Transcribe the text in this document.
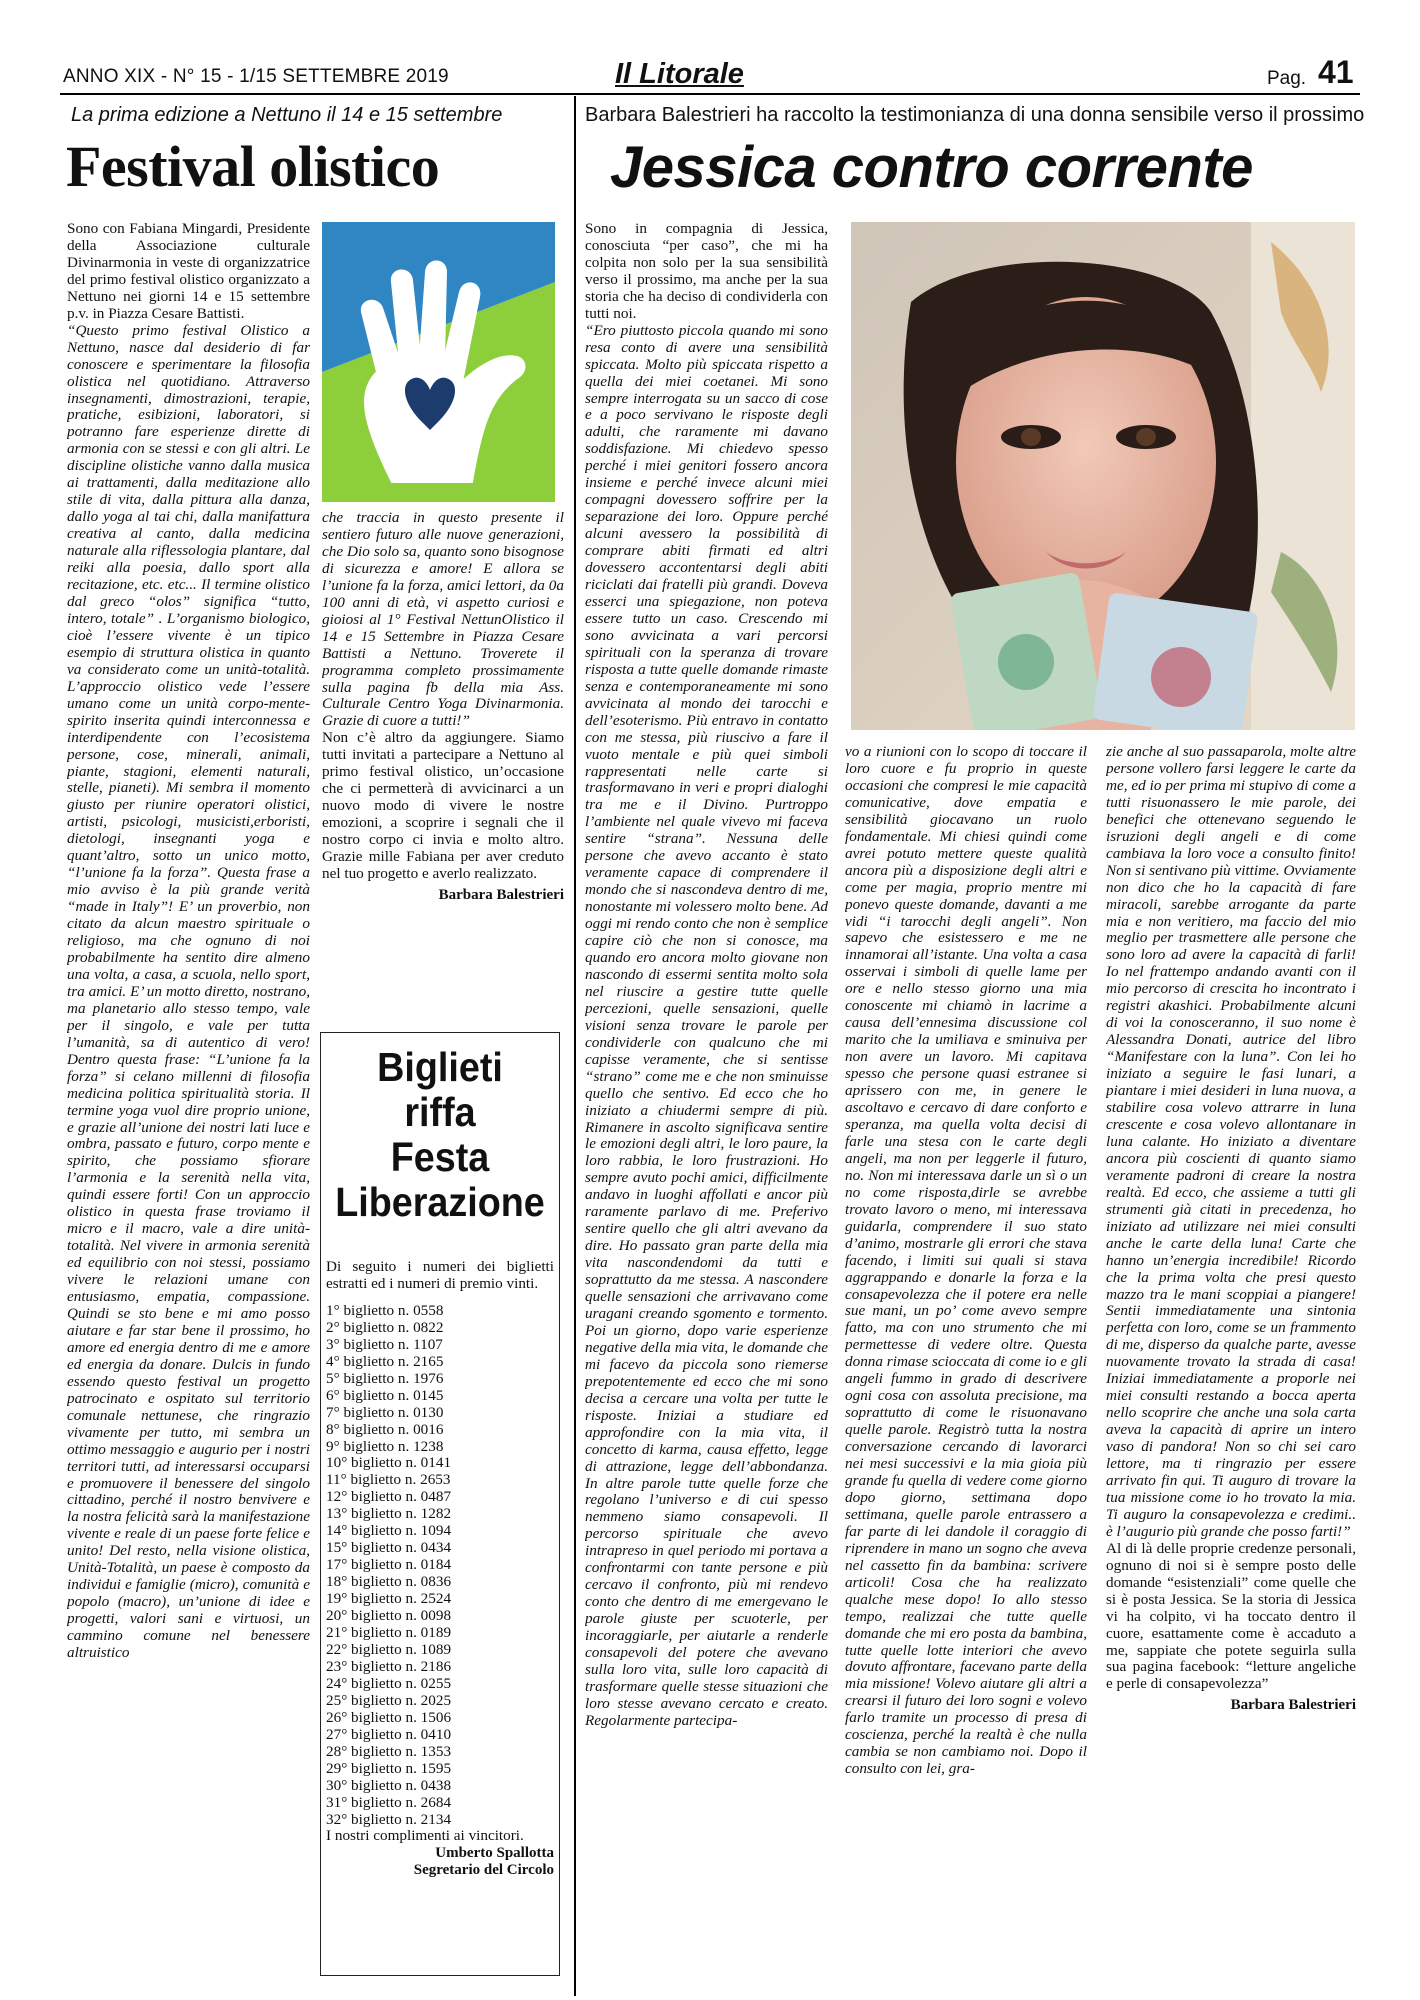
ANNO XIX - N° 15 - 1/15 SETTEMBRE 2019	Il Litorale	Pag. 41
La prima edizione a Nettuno il 14 e 15 settembre
Festival olistico

Sono con Fabiana Mingardi, Presidente della Associazione culturale Divinarmonia in veste di organizzatrice del primo festival olistico organizzato a Nettuno nei giorni 14 e 15 settembre p.v. in Piazza Cesare Battisti.

“Questo primo festival Olistico a Nettuno, nasce dal desiderio di far conoscere e sperimentare la filosofia olistica nel quotidiano. Attraverso insegnamenti, dimostrazioni, terapie, pratiche, esibizioni, laboratori, si potranno fare esperienze dirette di armonia con se stessi e con gli altri. Le discipline olistiche vanno dalla musica ai trattamenti, dalla meditazione allo stile di vita, dalla pittura alla danza, dallo yoga al tai chi, dalla manifattura creativa al canto, dalla medicina naturale alla riflessologia plantare, dal reiki alla poesia, dallo sport alla recitazione, etc. etc... Il termine olistico dal greco “olos” significa “tutto, intero, totale” . L’organismo biologico, cioè l’essere vivente è un tipico esempio di struttura olistica in quanto va considerato come un unità-totalità. L’approccio olistico vede l’essere umano come un unità corpo-mente-spirito inserita quindi interconnessa e interdipendente con l’ecosistema persone, cose, minerali, animali, piante, stagioni, elementi naturali, stelle, pianeti). Mi sembra il momento giusto per riunire operatori olistici, artisti, psicologi, musicisti,erboristi, dietologi, insegnanti yoga e quant’altro, sotto un unico motto, “l’unione fa la forza”. Questa frase a mio avviso è la più grande verità “made in Italy”! E’ un proverbio, non citato da alcun maestro spirituale o religioso, ma che ognuno di noi probabilmente ha sentito dire almeno una volta, a casa, a scuola, nello sport, tra amici. E’ un motto diretto, nostrano, ma planetario allo stesso tempo, vale per il singolo, e vale per tutta l’umanità, sa di autentico di vero! Dentro questa frase: “L’unione fa la forza” si celano millenni di filosofia medicina politica spiritualità storia. Il termine yoga vuol dire proprio unione, e grazie all’unione dei nostri lati luce e ombra, passato e futuro, corpo mente e spirito, che possiamo sfiorare l’armonia e la serenità nella vita, quindi essere forti! Con un approccio olistico in questa frase troviamo il micro e il macro, vale a dire unità-totalità. Nel vivere in armonia serenità ed equilibrio con noi stessi, possiamo vivere le relazioni umane con entusiasmo, empatia, compassione. Quindi se sto bene e mi amo posso aiutare e far star bene il prossimo, ho amore ed energia dentro di me e amore ed energia da donare. Dulcis in fundo essendo questo festival un progetto patrocinato e ospitato sul territorio comunale nettunese, che ringrazio vivamente per tutto, mi sembra un ottimo messaggio e augurio per i nostri territori tutti, ad interessarsi occuparsi e promuovere il benessere del singolo cittadino, perché il nostro benvivere e la nostra felicità sarà la manifestazione vivente e reale di un paese forte felice e unito! Del resto, nella visione olistica, Unità-Totalità, un paese è composto da individui e famiglie (micro), comunità e popolo (macro), un’unione di idee e progetti, valori sani e virtuosi, un cammino comune nel benessere altruistico

che traccia in questo presente il sentiero futuro alle nuove generazioni, che Dio solo sa, quanto sono bisognose di sicurezza e amore! E allora se l’unione fa la forza, amici lettori, da 0a 100 anni di età, vi aspetto curiosi e gioiosi al 1° Festival NettunOlistico il 14 e 15 Settembre in Piazza Cesare Battisti a Nettuno. Troverete il programma completo prossimamente sulla pagina fb della mia Ass. Culturale Centro Yoga Divinarmonia. Grazie di cuore a tutti!”

Non c’è altro da aggiungere. Siamo tutti invitati a partecipare a Nettuno al primo festival olistico, un’occasione che ci permetterà di avvicinarci a un nuovo modo di vivere le nostre emozioni, a scoprire i segnali che il nostro corpo ci invia e molto altro. Grazie mille Fabiana per aver creduto nel tuo progetto e averlo realizzato.

Barbara Balestrieri
Biglieti
riffa
Festa
Liberazione
Di seguito i numeri dei biglietti estratti ed i numeri di premio vinti.
1° biglietto n. 0558
2° biglietto n. 0822
3° biglietto n. 1107
4° biglietto n. 2165
5° biglietto n. 1976
6° biglietto n. 0145
7° biglietto n. 0130
8° biglietto n. 0016
9° biglietto n. 1238
10° biglietto n. 0141
11° biglietto n. 2653
12° biglietto n. 0487
13° biglietto n. 1282
14° biglietto n. 1094
15° biglietto n. 0434
17° biglietto n. 0184
18° biglietto n. 0836
19° biglietto n. 2524
20° biglietto n. 0098
21° biglietto n. 0189
22° biglietto n. 1089
23° biglietto n. 2186
24° biglietto n. 0255
25° biglietto n. 2025
26° biglietto n. 1506
27° biglietto n. 0410
28° biglietto n. 1353
29° biglietto n. 1595
30° biglietto n. 0438
31° biglietto n. 2684
32° biglietto n. 2134
I nostri complimenti ai vincitori.
Umberto Spallotta
Segretario del Circolo
Barbara Balestrieri ha raccolto la testimonianza di una donna sensibile verso il prossimo
Jessica contro corrente

Sono in compagnia di Jessica, conosciuta “per caso”, che mi ha colpita non solo per la sua sensibilità verso il prossimo, ma anche per la sua storia che ha deciso di condividerla con tutti noi.

“Ero piuttosto piccola quando mi sono resa conto di avere una sensibilità spiccata. Molto più spiccata rispetto a quella dei miei coetanei. Mi sono sempre interrogata su un sacco di cose e a poco servivano le risposte degli adulti, che raramente mi davano soddisfazione. Mi chiedevo spesso perché i miei genitori fossero ancora insieme e perché invece alcuni miei compagni dovessero soffrire per la separazione dei loro. Oppure perché alcuni avessero la possibilità di comprare abiti firmati ed altri dovessero accontentarsi degli abiti riciclati dai fratelli più grandi. Doveva esserci una spiegazione, non poteva essere tutto un caso. Crescendo mi sono avvicinata a vari percorsi spirituali con la speranza di trovare risposta a tutte quelle domande rimaste senza e contemporaneamente mi sono avvicinata al mondo dei tarocchi e dell’esoterismo. Più entravo in contatto con me stessa, più riuscivo a fare il vuoto mentale e più quei simboli rappresentati nelle carte si trasformavano in veri e propri dialoghi tra me e il Divino. Purtroppo l’ambiente nel quale vivevo mi faceva sentire “strana”. Nessuna delle persone che avevo accanto è stato veramente capace di comprendere il mondo che si nascondeva dentro di me, nonostante mi volessero molto bene. Ad oggi mi rendo conto che non è semplice capire ciò che non si conosce, ma quando ero ancora molto giovane non nascondo di essermi sentita molto sola nel riuscire a gestire tutte quelle percezioni, quelle sensazioni, quelle visioni senza trovare le parole per condividerle con qualcuno che mi capisse veramente, che si sentisse “strano” come me e che non sminuisse quello che sentivo. Ed ecco che ho iniziato a chiudermi sempre di più. Rimanere in ascolto significava sentire le emozioni degli altri, le loro paure, la loro rabbia, le loro frustrazioni. Ho sempre avuto pochi amici, difficilmente andavo in luoghi affollati e ancor più raramente parlavo di me. Preferivo sentire quello che gli altri avevano da dire. Ho passato gran parte della mia vita nascondendomi da tutti e soprattutto da me stessa. A nascondere quelle sensazioni che arrivavano come uragani creando sgomento e tormento. Poi un giorno, dopo varie esperienze negative della mia vita, le domande che mi facevo da piccola sono riemerse prepotentemente ed ecco che mi sono decisa a cercare una volta per tutte le risposte. Iniziai a studiare ed approfondire con la mia vita, il concetto di karma, causa effetto, legge di attrazione, legge dell’abbondanza. In altre parole tutte quelle forze che regolano l’universo e di cui spesso nemmeno siamo consapevoli. Il percorso spirituale che avevo intrapreso in quel periodo mi portava a confrontarmi con tante persone e più cercavo il confronto, più mi rendevo conto che dentro di me emergevano le parole giuste per scuoterle, per incoraggiarle, per aiutarle a renderle consapevoli del potere che avevano sulla loro vita, sulle loro capacità di trasformare quelle stesse situazioni che loro stesse avevano cercato e creato. Regolarmente partecipa-

vo a riunioni con lo scopo di toccare il loro cuore e fu proprio in queste occasioni che compresi le mie capacità comunicative, dove empatia e sensibilità giocavano un ruolo fondamentale. Mi chiesi quindi come avrei potuto mettere queste qualità ancora più a disposizione degli altri e come per magia, proprio mentre mi ponevo queste domande, davanti a me vidi “i tarocchi degli angeli”. Non sapevo che esistessero e me ne innamorai all’istante. Una volta a casa osservai i simboli di quelle lame per ore e nello stesso giorno una mia conoscente mi chiamò in lacrime a causa dell’ennesima discussione col marito che la umiliava e sminuiva per non avere un lavoro. Mi capitava spesso che persone quasi estranee si aprissero con me, in genere le ascoltavo e cercavo di dare conforto e speranza, ma quella volta decisi di farle una stesa con le carte degli angeli, ma non per leggerle il futuro, no. Non mi interessava darle un sì o un no come risposta,dirle se avrebbe trovato lavoro o meno, mi interessava guidarla, comprendere il suo stato d’animo, mostrarle gli errori che stava facendo, i limiti sui quali si stava aggrappando e donarle la forza e la consapevolezza che il potere era nelle sue mani, un po’ come avevo sempre fatto, ma con uno strumento che mi permettesse di vedere oltre. Questa donna rimase scioccata di come io e gli angeli fummo in grado di descrivere ogni cosa con assoluta precisione, ma soprattutto di come le risuonavano quelle parole. Registrò tutta la nostra conversazione cercando di lavorarci nei mesi successivi e la mia gioia più grande fu quella di vedere come giorno dopo giorno, settimana dopo settimana, quelle parole entrassero a far parte di lei dandole il coraggio di riprendere in mano un sogno che aveva nel cassetto fin da bambina: scrivere articoli! Cosa che ha realizzato qualche mese dopo! Io allo stesso tempo, realizzai che tutte quelle domande che mi ero posta da bambina, tutte quelle lotte interiori che avevo dovuto affrontare, facevano parte della mia missione! Volevo aiutare gli altri a crearsi il futuro dei loro sogni e volevo farlo tramite un processo di presa di coscienza, perché la realtà è che nulla cambia se non cambiamo noi. Dopo il consulto con lei, gra-

zie anche al suo passaparola, molte altre persone vollero farsi leggere le carte da me, ed io per prima mi stupivo di come a tutti risuonassero le mie parole, dei benefici che ottenevano seguendo le isruzioni degli angeli e di come cambiava la loro voce a consulto finito! Non si sentivano più vittime. Ovviamente non dico che ho la capacità di fare miracoli, sarebbe arrogante da parte mia e non veritiero, ma faccio del mio meglio per trasmettere alle persone che sono loro ad avere la capacità di farli! Io nel frattempo andando avanti con il mio percorso di crescita ho incontrato i registri akashici. Probabilmente alcuni di voi la conosceranno, il suo nome è Alessandra Donati, autrice del libro “Manifestare con la luna”. Con lei ho iniziato a seguire le fasi lunari, a piantare i miei desideri in luna nuova, a stabilire cosa volevo attrarre in luna crescente e cosa volevo allontanare in luna calante. Ho iniziato a diventare ancora più coscienti di quanto siamo veramente padroni di creare la nostra realtà. Ed ecco, che assieme a tutti gli strumenti già citati in precedenza, ho iniziato ad utilizzare nei miei consulti anche le carte della luna! Carte che hanno un’energia incredibile! Ricordo che la prima volta che presi questo mazzo tra le mani scoppiai a piangere! Sentii immediatamente una sintonia perfetta con loro, come se un frammento di me, disperso da qualche parte, avesse nuovamente trovato la strada di casa! Iniziai immediatamente a proporle nei miei consulti restando a bocca aperta nello scoprire che anche una sola carta aveva la capacità di aprire un intero vaso di pandora! Non so chi sei caro lettore, ma ti ringrazio per essere arrivato fin qui. Ti auguro di trovare la tua missione come io ho trovato la mia. Ti auguro la consapevolezza e credimi.. è l’augurio più grande che posso farti!”

Al di là delle proprie credenze personali, ognuno di noi si è sempre posto delle domande “esistenziali” come quelle che si è posta Jessica. Se la storia di Jessica vi ha colpito, vi ha toccato dentro il cuore, esattamente come è accaduto a me, sappiate che potete seguirla sulla sua pagina facebook: “letture angeliche e perle di consapevolezza”

Barbara Balestrieri
